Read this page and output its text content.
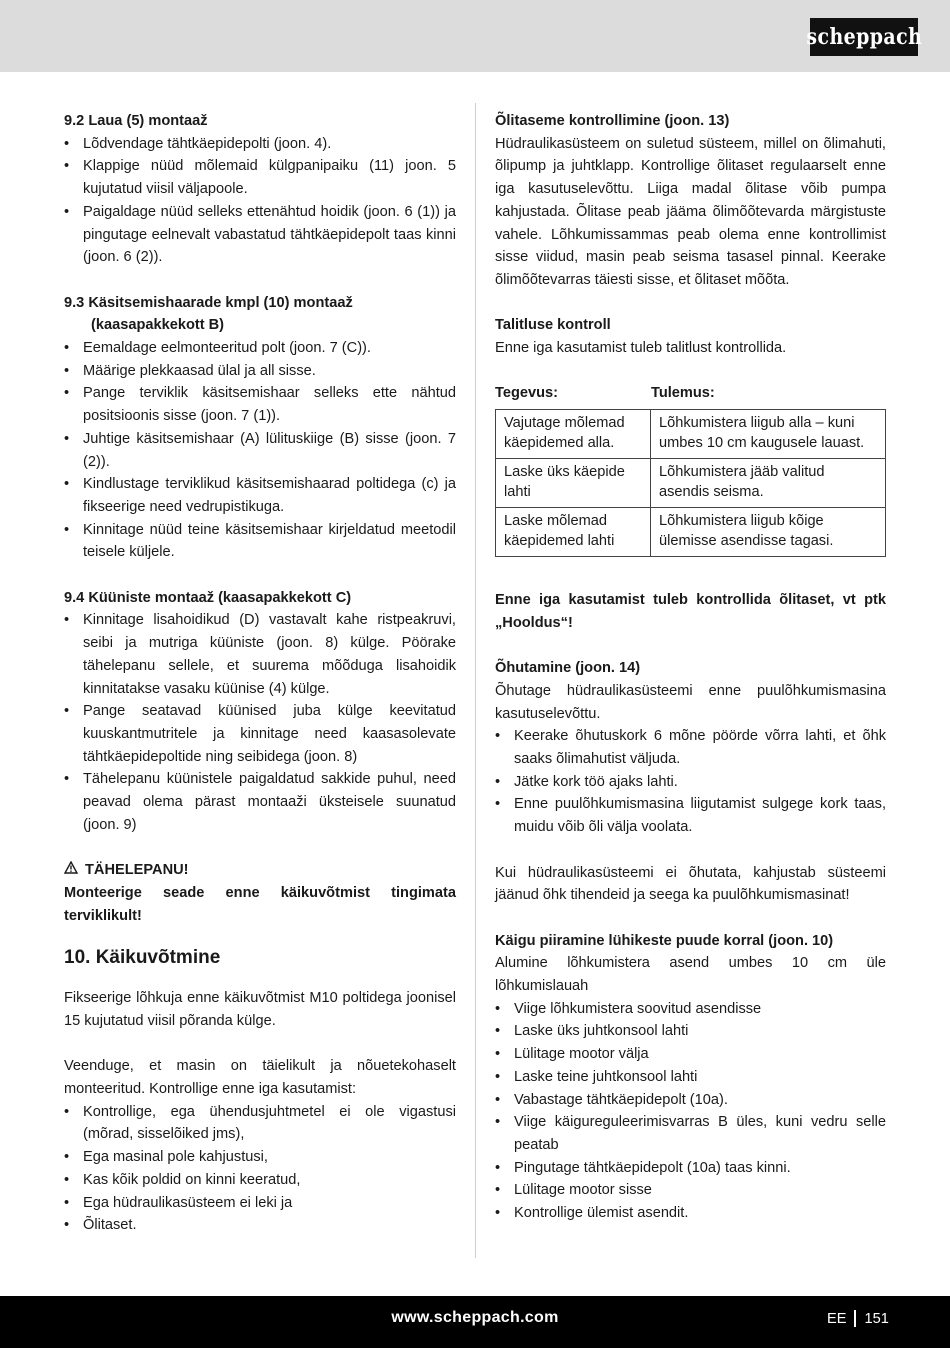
scheppach

9.2 Laua (5) montaaž

• Lõdvendage tähtkäepidepolti (joon. 4).
• Klappige nüüd mõlemaid külgpanipaiku (11) joon. 5 kujutatud viisil väljapoole.
• Paigaldage nüüd selleks ettenähtud hoidik (joon. 6 (1)) ja pingutage eelnevalt vabastatud tähtkäepidepolt taas kinni (joon. 6 (2)).

9.3 Käsitsemishaarade kmpl (10) montaaž

(kaasapakkekott B)

• Eemaldage eelmonteeritud polt (joon. 7 (C)).
• Määrige plekkaasad ülal ja all sisse.
• Pange terviklik käsitsemishaar selleks ette nähtud positsioonis sisse (joon. 7 (1)).
• Juhtige käsitsemishaar (A) lülituskiige (B) sisse (joon. 7 (2)).
• Kindlustage terviklikud käsitsemishaarad poltidega (c) ja fikseerige need vedrupistikuga.
• Kinnitage nüüd teine käsitsemishaar kirjeldatud meetodil teisele küljele.

9.4 Küüniste montaaž (kaasapakkekott C)

• Kinnitage lisahoidikud (D) vastavalt kahe ristpeakruvi, seibi ja mutriga küüniste (joon. 8) külge. Pöörake tähelepanu sellele, et suurema mõõduga lisahoidik kinnitatakse vasaku küünise (4) külge.
• Pange seatavad küünised juba külge keevitatud kuuskantmutritele ja kinnitage need kaasasolevate tähtkäepidepoltide ning seibidega (joon. 8)
• Tähelepanu küünistele paigaldatud sakkide puhul, need peavad olema pärast montaaži üksteisele suunatud (joon. 9)

TÄHELEPANU!

Monteerige seade enne käikuvõtmist tingimata terviklikult!

10. Käikuvõtmine

Fikseerige lõhkuja enne käikuvõtmist M10 poltidega joonisel 15 kujutatud viisil põranda külge.

Veenduge, et masin on täielikult ja nõuetekohaselt monteeritud. Kontrollige enne iga kasutamist:

• Kontrollige, ega ühendusjuhtmetel ei ole vigastusi (mõrad, sisselõiked jms),
• Ega masinal pole kahjustusi,
• Kas kõik poldid on kinni keeratud,
• Ega hüdraulikasüsteem ei leki ja
• Õlitaset.

Õlitaseme kontrollimine (joon. 13)

Hüdraulikasüsteem on suletud süsteem, millel on õlimahuti, õlipump ja juhtklapp. Kontrollige õlitaset regulaarselt enne iga kasutuselevõttu. Liiga madal õlitase võib pumpa kahjustada. Õlitase peab jääma õlimõõtevarda märgistuste vahele. Lõhkumissammas peab olema enne kontrollimist sisse viidud, masin peab seisma tasasel pinnal. Keerake õlimõõtevarras täiesti sisse, et õlitaset mõõta.

Talitluse kontroll

Enne iga kasutamist tuleb talitlust kontrollida.

Tegevus:	Tulemus:
Vajutage mõlemad käepidemed alla.	Lõhkumistera liigub alla – kuni umbes 10 cm kaugusele lauast.
Laske üks käepide lahti	Lõhkumistera jääb valitud asendis seisma.
Laske mõlemad käepidemed lahti	Lõhkumistera liigub kõige ülemisse asendisse tagasi.

Enne iga kasutamist tuleb kontrollida õlitaset, vt ptk „Hooldus“!

Õhutamine (joon. 14)

Õhutage hüdraulikasüsteemi enne puulõhkumismasina kasutuselevõttu.

• Keerake õhutuskork 6 mõne pöörde võrra lahti, et õhk saaks õlimahutist väljuda.
• Jätke kork töö ajaks lahti.
• Enne puulõhkumismasina liigutamist sulgege kork taas, muidu võib õli välja voolata.

Kui hüdraulikasüsteemi ei õhutata, kahjustab süsteemi jäänud õhk tihendeid ja seega ka puulõhkumismasinat!

Käigu piiramine lühikeste puude korral (joon. 10)

Alumine lõhkumistera asend umbes 10 cm üle lõhkumislauah

• Viige lõhkumistera soovitud asendisse
• Laske üks juhtkonsool lahti
• Lülitage mootor välja
• Laske teine juhtkonsool lahti
• Vabastage tähtkäepidepolt (10a).
• Viige käigureguleerimisvarras B üles, kuni vedru selle peatab
• Pingutage tähtkäepidepolt (10a) taas kinni.
• Lülitage mootor sisse
• Kontrollige ülemist asendit.
www.scheppach.com	EE 151
